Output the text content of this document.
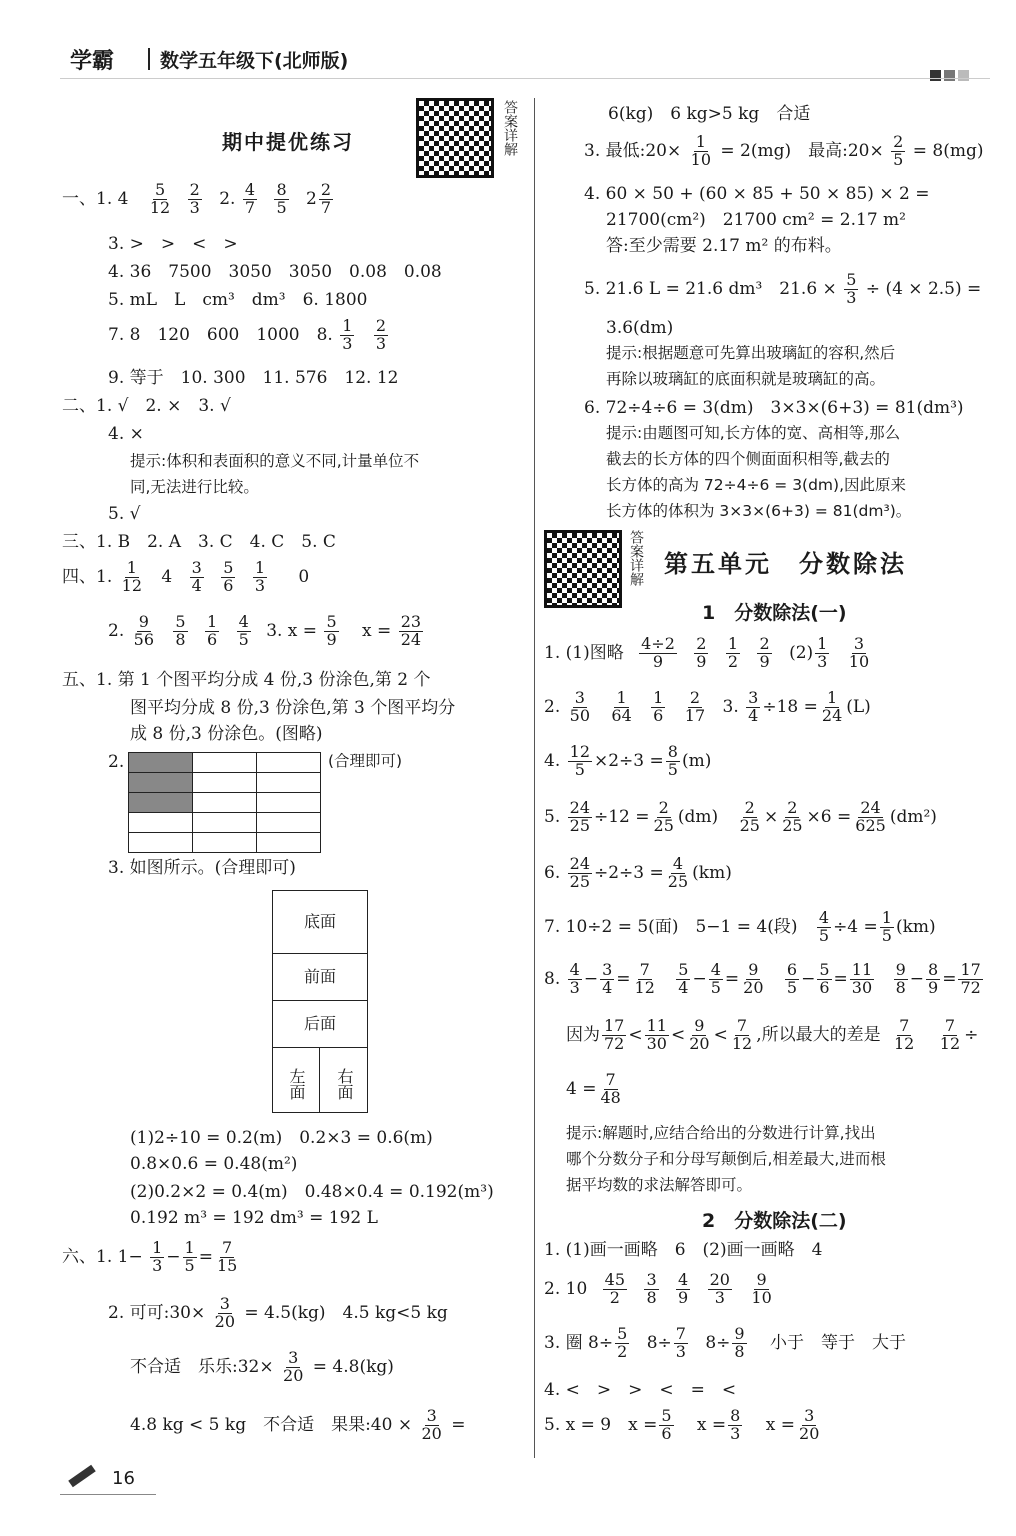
学霸 数学五年级下(北师版)
期中提优练习	答案详解
一、1. $4 \frac{5}{12}$
$\frac{2}{3} 2$. $\frac{4}{7}$
$\frac{8}{5} 2 \frac{2}{7}$
3. >　>　<　>
4. 36　7500　3050　3050　0.08　0.08
5. mL　L　cm³　dm³　6. 1800
7. 8　120　600　1000　8. $\frac{1}{3}$
$\frac{2}{3}$
9. 等于　10. 300　11. 576　12. 12
二、1. √　2. ×　3. √
4. ×
提示:体积和表面积的意义不同,计量单位不
同,无法进行比较。
5. √
三、1. B　2. A　3. C　4. C　5. C
四、1. $\frac{1}{12} 4 \frac{3}{4}$
$\frac{5}{6}$
$\frac{1}{3} 0$
2. $\frac{9}{56}$
$\frac{5}{8}$
$\frac{1}{6}$
$\frac{4}{5} 3$. $x = \frac{5}{9}$ $x = \frac{23}{24}$
五、1. 第 1 个图平均分成 4 份,3 份涂色,第 2 个
图平均分成 8 份,3 份涂色,第 3 个图平均分
成 8 份,3 份涂色。(图略)
2.

			(合理即可)
3. 如图所示。(合理即可)
底面
前面
后面
左面	右面
(1)2÷10 = 0.2(m)　0.2×3 = 0.6(m)
0.8×0.6 = 0.48(m²)
(2)0.2×2 = 0.4(m)　0.48×0.4 = 0.192(m³)
0.192 m³ = 192 dm³ = 192 L
六、1. $1- \frac{1}{3} - \frac{1}{5} = \frac{7}{15}$
2. 可可:30× $\frac{3}{20} = 4.5(kg)$　4.5 kg<5 kg
不合适　乐乐:32× $\frac{3}{20} = 4.8(kg)$
4.8 kg < 5 kg　不合适　果果:40 × $\frac{3}{20}$ =
16
6(kg)　6 kg>5 kg　合适
3. 最低:20× $\frac{1}{10} = 2(mg)$　最高:20× $\frac{2}{5} = 8(mg)$
4. 60 × 50 + (60 × 85 + 50 × 85) × 2 =
21700(cm²)　21700 cm² = 2.17 m²
答:至少需要 2.17 m² 的布料。
5. 21.6 L = 21.6 dm³　$21.6 \times \frac{5}{3} \div (4 \times 2.5)$ =
3.6(dm)
提示:根据题意可先算出玻璃缸的容积,然后
再除以玻璃缸的底面积就是玻璃缸的高。
6. 72÷4÷6 = 3(dm)　3×3×(6+3) = 81(dm³)
提示:由题图可知,长方体的宽、高相等,那么
截去的长方体的四个侧面面积相等,截去的
长方体的高为 72÷4÷6 = 3(dm),因此原来
长方体的体积为 3×3×(6+3) = 81(dm³)。
答案详解 第五单元　分数除法
1　分数除法(一)
1. (1)图略 $\frac{4\div 2}{9}$
$\frac{2}{9}$
$\frac{1}{2}$
$\frac{2}{9} (2) \frac{1}{3}$
$\frac{3}{10}$
2. $\frac{3}{50}$
$\frac{1}{64}$
$\frac{1}{6}$
$\frac{2}{17} 3$. $\frac{3}{4} \div 18 = \frac{1}{24} (L)$
4. $\frac{12}{5} \times 2\div 3 = \frac{8}{5} (m)$
5. $\frac{24}{25} \div 12 = \frac{2}{25} (dm) \frac{2}{25} \times \frac{2}{25} \times 6 = \frac{24}{625} (dm^2)$
6. $\frac{24}{25} \div 2\div 3 = \frac{4}{25} (km)$
7. 10÷2 = 5(面)　5−1 = 4(段) $\frac{4}{5} \div 4 = \frac{1}{5} (km)$
8. $\frac{4}{3} - \frac{3}{4} = \frac{7}{12}$
$\frac{5}{4} - \frac{4}{5} = \frac{9}{20}$
$\frac{6}{5} - \frac{5}{6} = \frac{11}{30}$
$\frac{9}{8} - \frac{8}{9} = \frac{17}{72}$
因为 $\frac{17}{72} < \frac{11}{30} < \frac{9}{20} < \frac{7}{12}$ ,所以最大的差是 $\frac{7}{12}$
$\frac{7}{12}$ ÷
$4 = \frac{7}{48}$
提示:解题时,应结合给出的分数进行计算,找出
哪个分数分子和分母写颠倒后,相差最大,进而根
据平均数的求法解答即可。
2　分数除法(二)
1. (1)画一画略　6　(2)画一画略　4
2. $10 \frac{45}{2}$
$\frac{3}{8}$
$\frac{4}{9}$
$\frac{20}{3}$
$\frac{9}{10}$
3. 圈 $8\div \frac{5}{2} 8\div \frac{7}{3} 8\div \frac{9}{8}$ 小于　等于　大于
4. <　>　>　<　=　<
5. x = 9　$x = \frac{5}{6}$ $x = \frac{8}{3}$ $x = \frac{3}{20}$
